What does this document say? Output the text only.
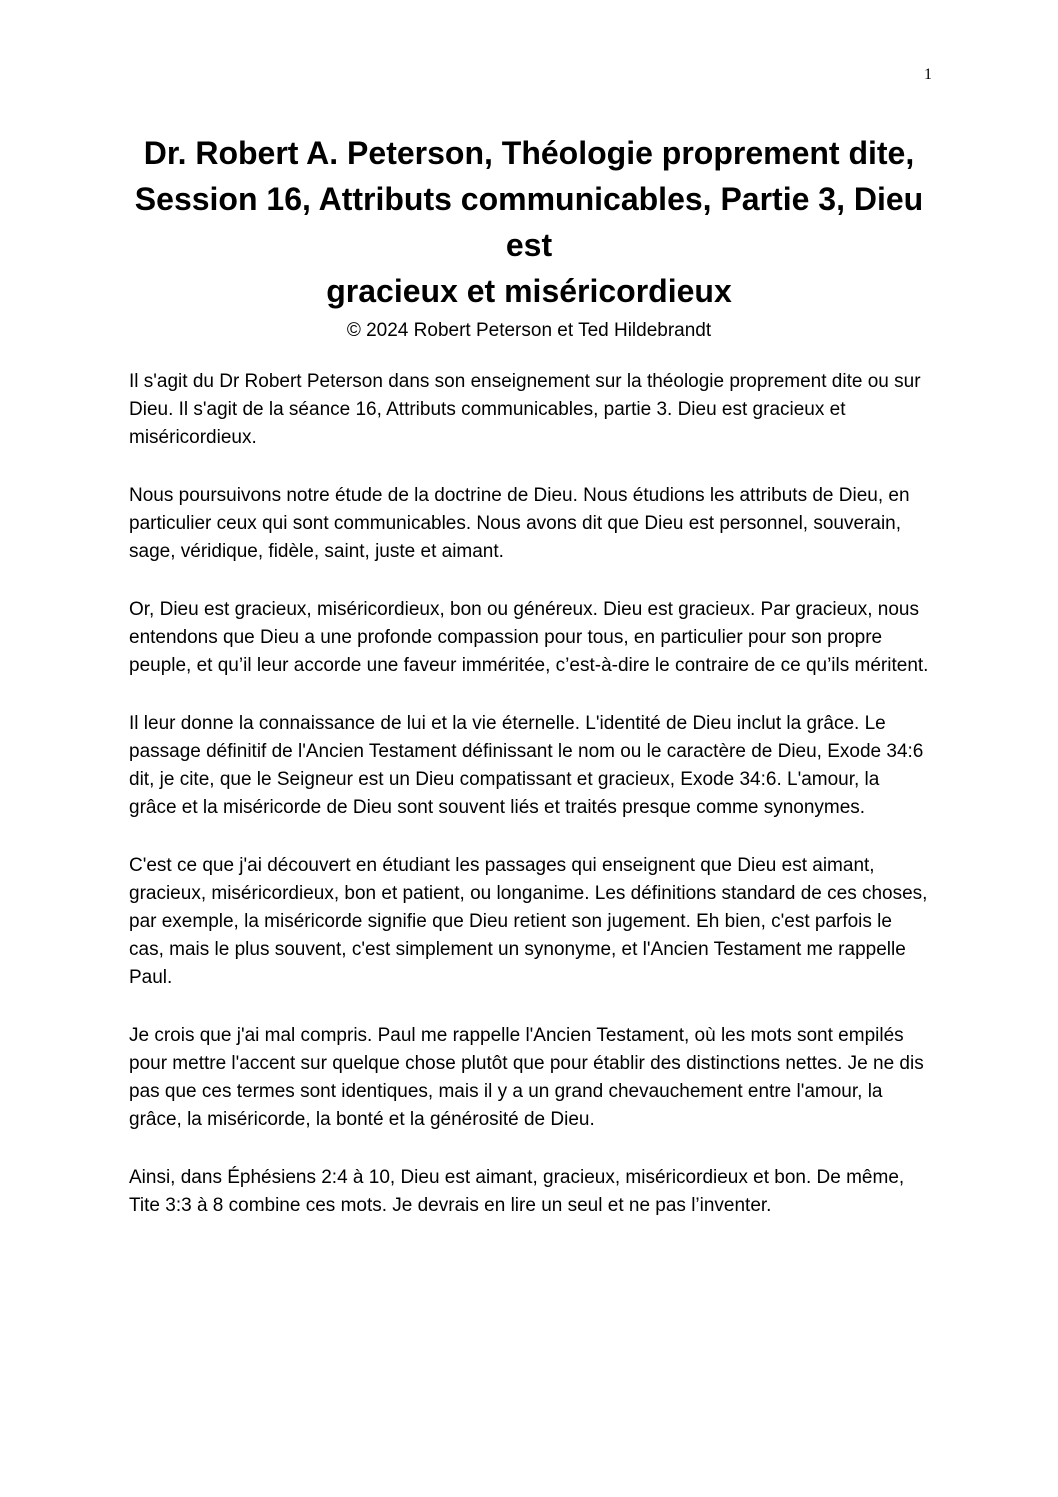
1

Dr. Robert A. Peterson, Théologie proprement dite,

Session 16, Attributs communicables, Partie 3, Dieu

est

gracieux et miséricordieux

© 2024 Robert Peterson et Ted Hildebrandt

Il s'agit du Dr Robert Peterson dans son enseignement sur la théologie proprement dite ou sur Dieu. Il s'agit de la séance 16, Attributs communicables, partie 3. Dieu est gracieux et miséricordieux.

Nous poursuivons notre étude de la doctrine de Dieu. Nous étudions les attributs de Dieu, en particulier ceux qui sont communicables. Nous avons dit que Dieu est personnel, souverain, sage, véridique, fidèle, saint, juste et aimant.

Or, Dieu est gracieux, miséricordieux, bon ou généreux. Dieu est gracieux. Par gracieux, nous entendons que Dieu a une profonde compassion pour tous, en particulier pour son propre peuple, et qu’il leur accorde une faveur imméritée, c’est-à-dire le contraire de ce qu’ils méritent.

Il leur donne la connaissance de lui et la vie éternelle. L'identité de Dieu inclut la grâce. Le passage définitif de l'Ancien Testament définissant le nom ou le caractère de Dieu, Exode 34:6 dit, je cite, que le Seigneur est un Dieu compatissant et gracieux, Exode 34:6. L'amour, la grâce et la miséricorde de Dieu sont souvent liés et traités presque comme synonymes.

C'est ce que j'ai découvert en étudiant les passages qui enseignent que Dieu est aimant, gracieux, miséricordieux, bon et patient, ou longanime. Les définitions standard de ces choses, par exemple, la miséricorde signifie que Dieu retient son jugement. Eh bien, c'est parfois le cas, mais le plus souvent, c'est simplement un synonyme, et l'Ancien Testament me rappelle Paul.

Je crois que j'ai mal compris. Paul me rappelle l'Ancien Testament, où les mots sont empilés pour mettre l'accent sur quelque chose plutôt que pour établir des distinctions nettes. Je ne dis pas que ces termes sont identiques, mais il y a un grand chevauchement entre l'amour, la grâce, la miséricorde, la bonté et la générosité de Dieu.

Ainsi, dans Éphésiens 2:4 à 10, Dieu est aimant, gracieux, miséricordieux et bon. De même, Tite 3:3 à 8 combine ces mots. Je devrais en lire un seul et ne pas l’inventer.
